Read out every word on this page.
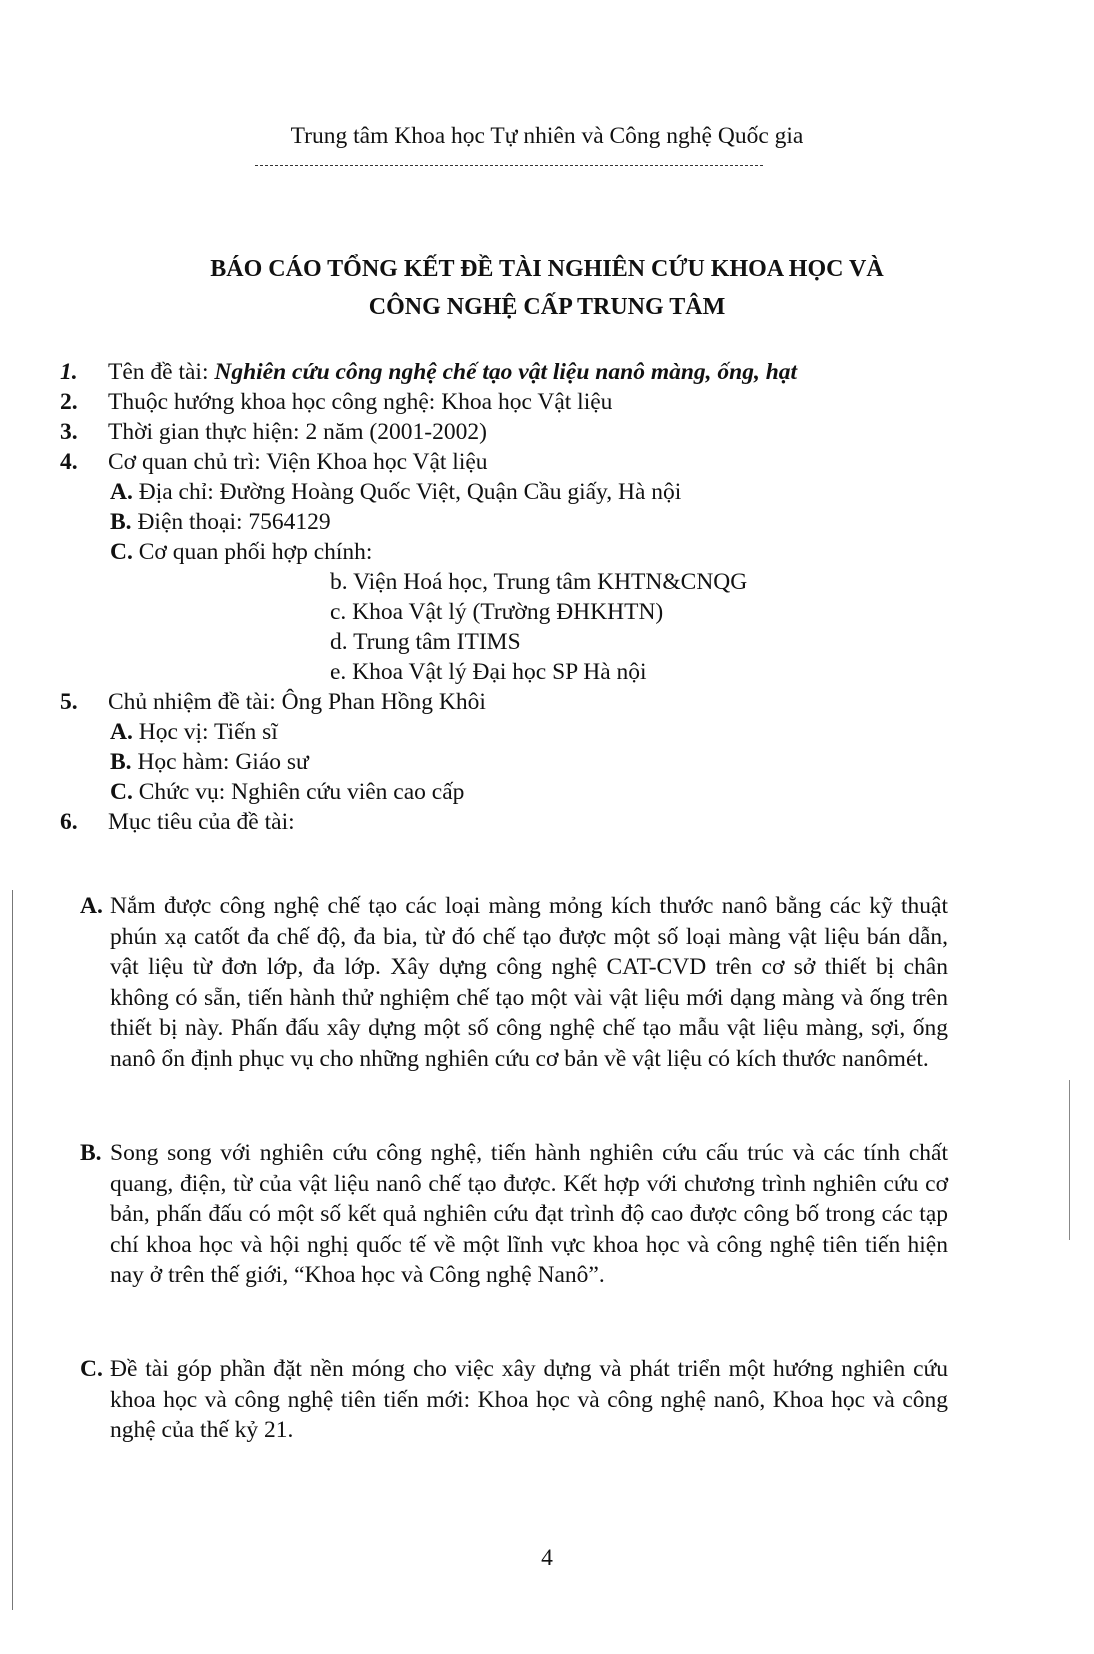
Trung tâm Khoa học Tự nhiên và Công nghệ Quốc gia
BÁO CÁO TỔNG KẾT ĐỀ TÀI NGHIÊN CỨU KHOA HỌC VÀ
CÔNG NGHỆ CẤP TRUNG TÂM
1. Tên đề tài: Nghiên cứu công nghệ chế tạo vật liệu nanô màng, ống, hạt
2. Thuộc hướng khoa học công nghệ: Khoa học Vật liệu
3. Thời gian thực hiện: 2 năm (2001-2002)
4. Cơ quan chủ trì: Viện Khoa học Vật liệu
A. Địa chỉ: Đường Hoàng Quốc Việt, Quận Cầu giấy, Hà nội
B. Điện thoại: 7564129
C. Cơ quan phối hợp chính:
b. Viện Hoá học, Trung tâm KHTN&CNQG
c. Khoa Vật lý (Trường ĐHKHTN)
d. Trung tâm ITIMS
e. Khoa Vật lý Đại học SP Hà nội
5. Chủ nhiệm đề tài: Ông Phan Hồng Khôi
A. Học vị: Tiến sĩ
B. Học hàm: Giáo sư
C. Chức vụ: Nghiên cứu viên cao cấp
6. Mục tiêu của đề tài:
A. Nắm được công nghệ chế tạo các loại màng mỏng kích thước nanô bằng các kỹ thuật phún xạ catốt đa chế độ, đa bia, từ đó chế tạo được một số loại màng vật liệu bán dẫn, vật liệu từ đơn lớp, đa lớp. Xây dựng công nghệ CAT-CVD trên cơ sở thiết bị chân không có sẵn, tiến hành thử nghiệm chế tạo một vài vật liệu mới dạng màng và ống trên thiết bị này. Phấn đấu xây dựng một số công nghệ chế tạo mẫu vật liệu màng, sợi, ống nanô ổn định phục vụ cho những nghiên cứu cơ bản về vật liệu có kích thước nanômét.
B. Song song với nghiên cứu công nghệ, tiến hành nghiên cứu cấu trúc và các tính chất quang, điện, từ của vật liệu nanô chế tạo được. Kết hợp với chương trình nghiên cứu cơ bản, phấn đấu có một số kết quả nghiên cứu đạt trình độ cao được công bố trong các tạp chí khoa học và hội nghị quốc tế về một lĩnh vực khoa học và công nghệ tiên tiến hiện nay ở trên thế giới, “Khoa học và Công nghệ Nanô”.
C. Đề tài góp phần đặt nền móng cho việc xây dựng và phát triển một hướng nghiên cứu khoa học và công nghệ tiên tiến mới: Khoa học và công nghệ nanô, Khoa học và công nghệ của thế kỷ 21.
4
